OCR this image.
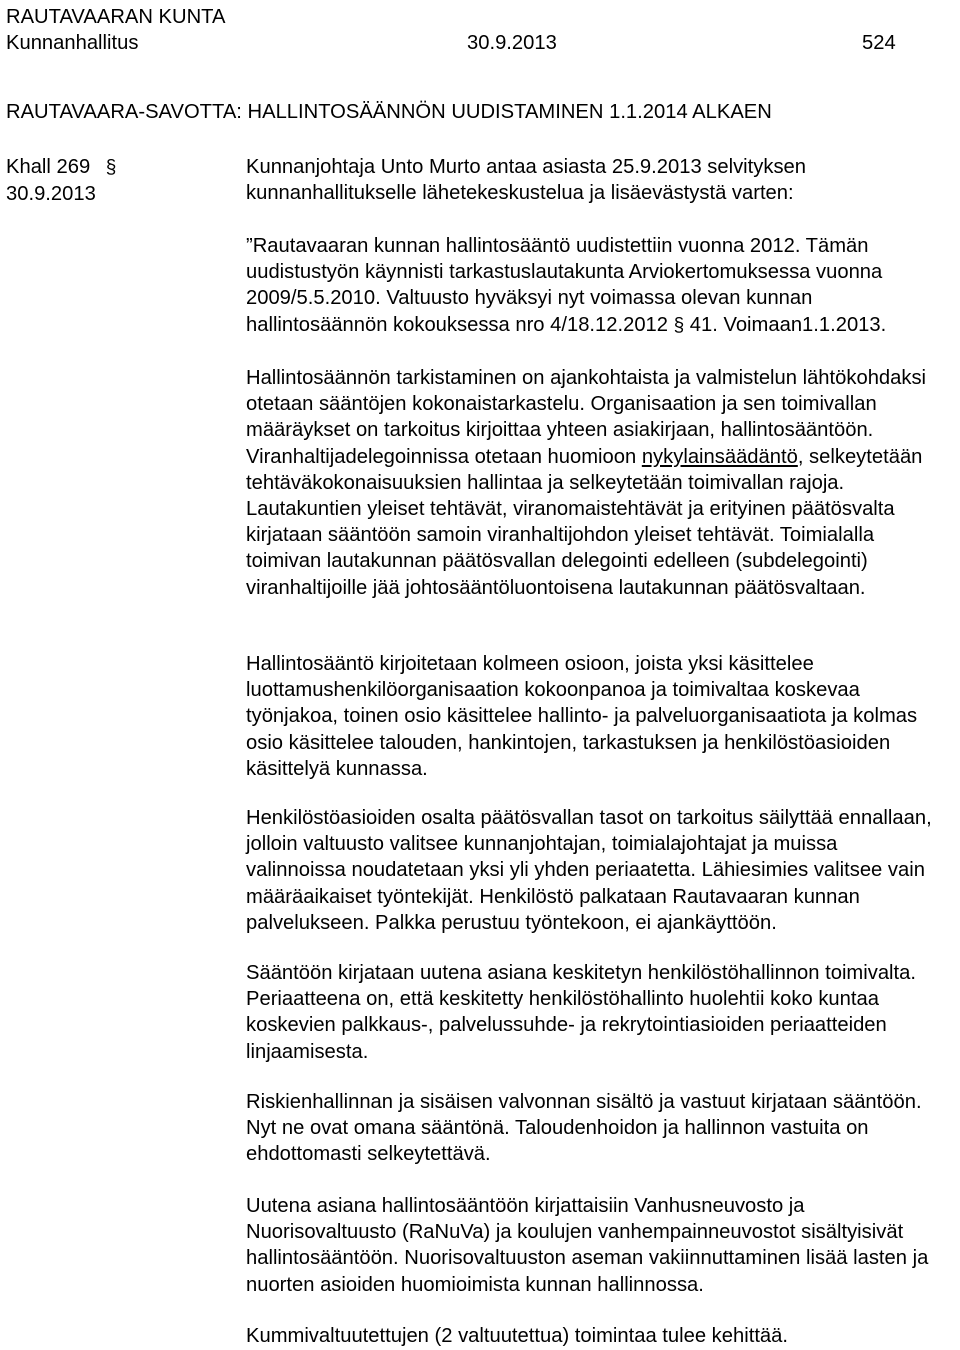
RAUTAVAARAN KUNTA

Kunnanhallitus	30.9.2013	524

RAUTAVAARA-SAVOTTA: HALLINTOSÄÄNNÖN UUDISTAMINEN 1.1.2014 ALKAEN
Khall 269 §
30.9.2013

Kunnanjohtaja Unto Murto antaa asiasta 25.9.2013 selvityksen kunnanhallitukselle lähetekeskustelua ja lisäevästystä varten:

”Rautavaaran kunnan hallintosääntö uudistettiin vuonna 2012. Tämän uudistustyön käynnisti tarkastuslautakunta Arviokertomuksessa vuonna 2009/5.5.2010. Valtuusto hyväksyi nyt voimassa olevan kunnan hallintosäännön kokouksessa nro 4/18.12.2012 § 41. Voimaan1.1.2013.

Hallintosäännön tarkistaminen on ajankohtaista ja valmistelun lähtökohdaksi otetaan sääntöjen kokonaistarkastelu. Organisaation ja sen toimivallan määräykset on tarkoitus kirjoittaa yhteen asiakirjaan, hallintosääntöön. Viranhaltijadelegoinnissa otetaan huomioon nykylainsäädäntö, selkeytetään tehtäväkokonaisuuksien hallintaa ja selkeytetään toimivallan rajoja. Lautakuntien yleiset tehtävät, viranomaistehtävät ja erityinen päätösvalta kirjataan sääntöön samoin viranhaltijohdon yleiset tehtävät. Toimialalla toimivan lautakunnan päätösvallan delegointi edelleen (subdelegointi) viranhaltijoille jää johtosääntöluontoisena lautakunnan päätösvaltaan.

Hallintosääntö kirjoitetaan kolmeen osioon, joista yksi käsittelee luottamushenkilöorganisaation kokoonpanoa ja toimivaltaa koskevaa työnjakoa, toinen osio käsittelee hallinto- ja palveluorganisaatiota ja kolmas osio käsittelee talouden, hankintojen, tarkastuksen ja henkilöstöasioiden käsittelyä kunnassa.

Henkilöstöasioiden osalta päätösvallan tasot on tarkoitus säilyttää ennallaan, jolloin valtuusto valitsee kunnanjohtajan, toimialajohtajat ja muissa valinnoissa noudatetaan yksi yli yhden periaatetta. Lähiesimies valitsee vain määräaikaiset työntekijät. Henkilöstö palkataan Rautavaaran kunnan palvelukseen. Palkka perustuu työntekoon, ei ajankäyttöön.

Sääntöön kirjataan uutena asiana keskitetyn henkilöstöhallinnon toimivalta. Periaatteena on, että keskitetty henkilöstöhallinto huolehtii koko kuntaa koskevien palkkaus-, palvelussuhde- ja rekrytointiasioiden periaatteiden linjaamisesta.

Riskienhallinnan ja sisäisen valvonnan sisältö ja vastuut kirjataan sääntöön. Nyt ne ovat omana sääntönä. Taloudenhoidon ja hallinnon vastuita on ehdottomasti selkeytettävä.

Uutena asiana hallintosääntöön kirjattaisiin Vanhusneuvosto ja Nuorisovaltuusto (RaNuVa) ja koulujen vanhempainneuvostot sisältyisivät hallintosääntöön. Nuorisovaltuuston aseman vakiinnuttaminen lisää lasten ja nuorten asioiden huomioimista kunnan hallinnossa.

Kummivaltuutettujen (2 valtuutettua) toimintaa tulee kehittää.
